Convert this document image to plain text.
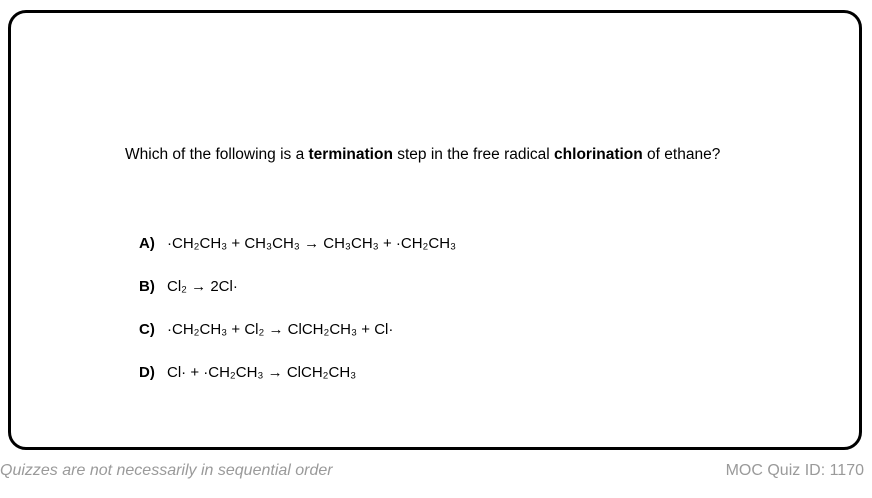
Which of the following is a termination step in the free radical chlorination of ethane?
A) ·CH₂CH₃ + CH₃CH₃ → CH₃CH₃ + ·CH₂CH₃
B) Cl₂ → 2Cl·
C) ·CH₂CH₃ + Cl₂ → ClCH₂CH₃ + Cl·
D) Cl· + ·CH₂CH₃ → ClCH₂CH₃
Quizzes are not necessarily in sequential order	MOC Quiz ID: 1170
